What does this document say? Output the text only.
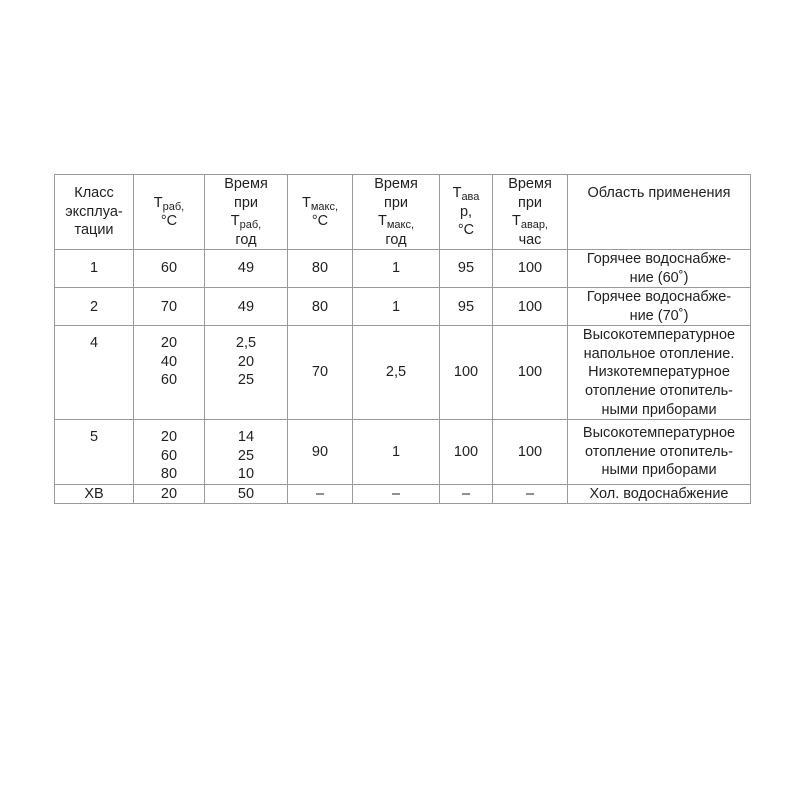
Класс
эксплуа-
тации	$T_{раб,}$
°C	Время
при
$T_{раб,}$
год	$T_{макс,}$
°C	Время
при
$T_{макс,}$
год	$T_{ава}$
р,
°C	Время
при
$T_{авар,}$
час	Область применения

1	60	49	80	1	95	100	Горячее водоснабже-
ние (60˚)

2	70	49	80	1	95	100	Горячее водоснабже-
ние (70˚)

4	20
40
60	2,5
20
25	70	2,5	100	100	Высокотемпературное
напольное отопление.
Низкотемпературное
отопление отопитель-
ными приборами

5	20
60
80	14
25
10	90	1	100	100	Высокотемпературное
отопление отопитель-
ными приборами

ХВ	20	50	–	–	–	–	Хол. водоснабжение
